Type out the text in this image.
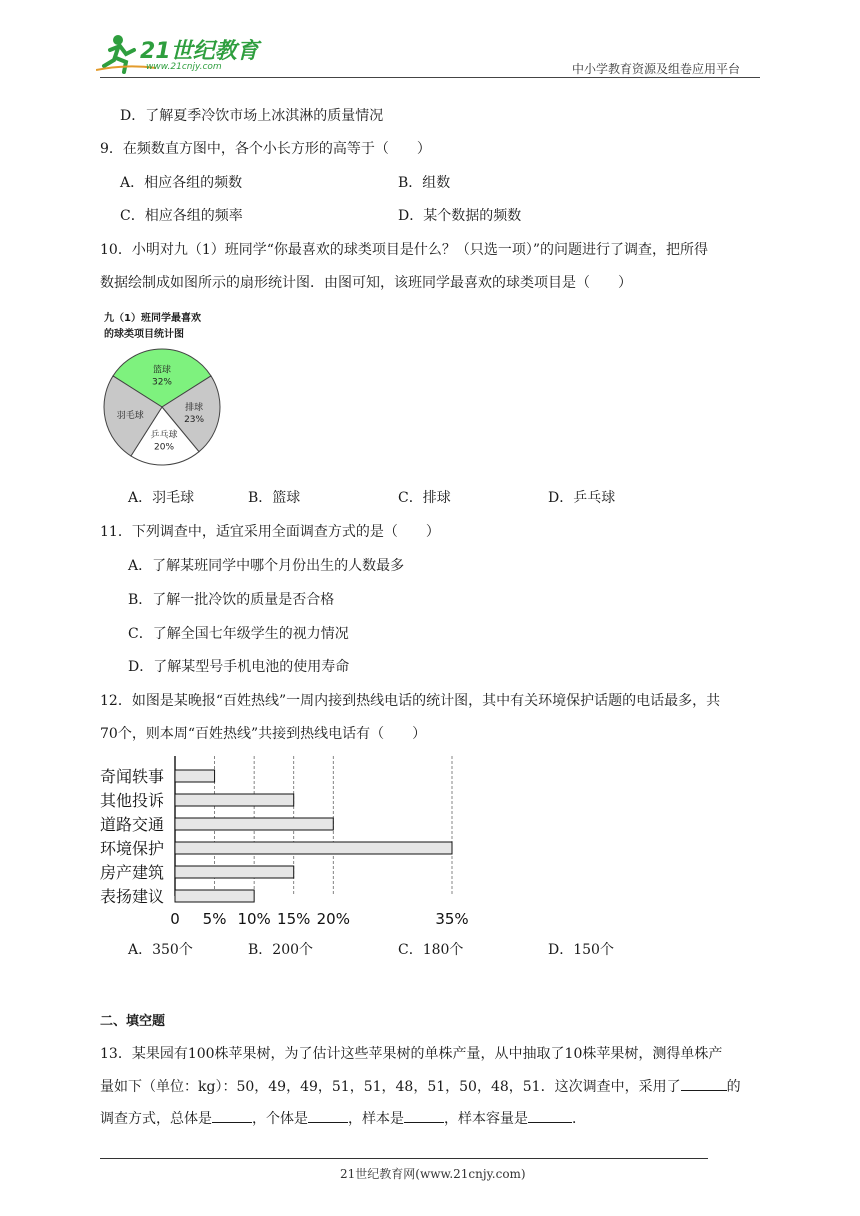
21世纪教育
www.21cnjy.com	中小学教育资源及组卷应用平台
D．了解夏季冷饮市场上冰淇淋的质量情况
9．在频数直方图中，各个小长方形的高等于（　　）
A．相应各组的频数	B．组数
C．相应各组的频率	D．某个数据的频数
10．小明对九（1）班同学“你最喜欢的球类项目是什么？（只选一项）”的问题进行了调查，把所得
数据绘制成如图所示的扇形统计图．由图可知，该班同学最喜欢的球类项目是（　　）
九（1）班同学最喜欢
的球类项目统计图
篮球
32%
排球
23%
乒乓球
20%
羽毛球
A．羽毛球	B．篮球	C．排球	D．乒乓球
11．下列调查中，适宜采用全面调查方式的是（　　）
A．了解某班同学中哪个月份出生的人数最多
B．了解一批冷饮的质量是否合格
C．了解全国七年级学生的视力情况
D．了解某型号手机电池的使用寿命
12．如图是某晚报“百姓热线”一周内接到热线电话的统计图，其中有关环境保护话题的电话最多，共
70个，则本周“百姓热线”共接到热线电话有（　　）
奇闻轶事
其他投诉
道路交通
环境保护
房产建筑
表扬建议
0 5% 10% 15% 20%	35%
A．350个	B．200个	C．180个	D．150个
二、填空题
13．某果园有100株苹果树，为了估计这些苹果树的单株产量，从中抽取了10株苹果树，测得单株产
量如下（单位：kg）：50，49，49，51，51，48，51，50，48，51．这次调查中，采用了	的
调查方式，总体是	，个体是	，样本是	，样本容量是	．
21世纪教育网(www.21cnjy.com)
